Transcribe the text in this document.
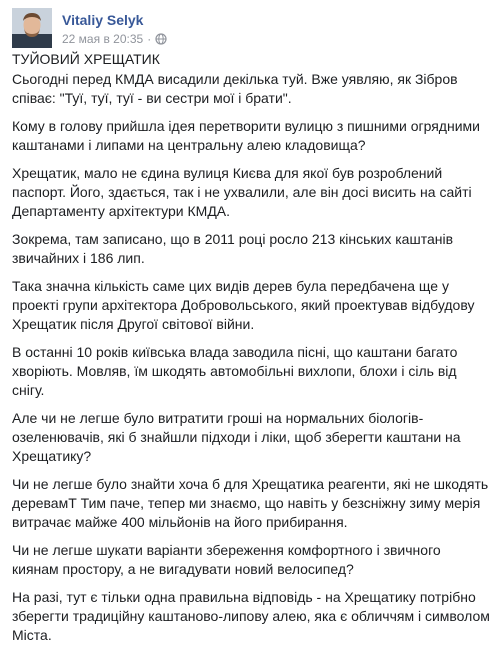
Vitaliy Selyk
22 мая в 20:35 ·

ТУЙОВИЙ ХРЕЩАТИК

Сьогодні перед КМДА висадили декілька туй. Вже уявляю, як Зібров співає: "Туї, туї, туї - ви сестри мої і брати".

Кому в голову прийшла ідея перетворити вулицю з пишними огрядними каштанами і липами на центральну алею кладовища?

Хрещатик, мало не єдина вулиця Києва для якої був розроблений паспорт. Його, здається, так і не ухвалили, але він досі висить на сайті Департаменту архітектури КМДА.

Зокрема, там записано, що в 2011 році росло 213 кінських каштанів звичайних і 186 лип.

Така значна кількість саме цих видів дерев була передбачена ще у проекті групи архітектора Добровольського, який проектував відбудову Хрещатик після Другої світової війни.

В останні 10 років київська влада заводила пісні, що каштани багато хворіють. Мовляв, їм шкодять автомобільні вихлопи, блохи і сіль від снігу.

Але чи не легше було витратити гроші на нормальних біологів-озеленювачів, які б знайшли підходи і ліки, щоб зберегти каштани на Хрещатику?

Чи не легше було знайти хоча б для Хрещатика реагенти, які не шкодять деревамТ Тим паче, тепер ми знаємо, що навіть у безсніжну зиму мерія витрачає майже 400 мільйонів на його прибирання.

Чи не легше шукати варіанти збереження комфортного і звичного киянам простору, а не вигадувати новий велосипед?

На разі, тут є тільки одна правильна відповідь - на Хрещатику потрібно зберегти традиційну каштаново-липову алею, яка є обличчям і символом Міста.
